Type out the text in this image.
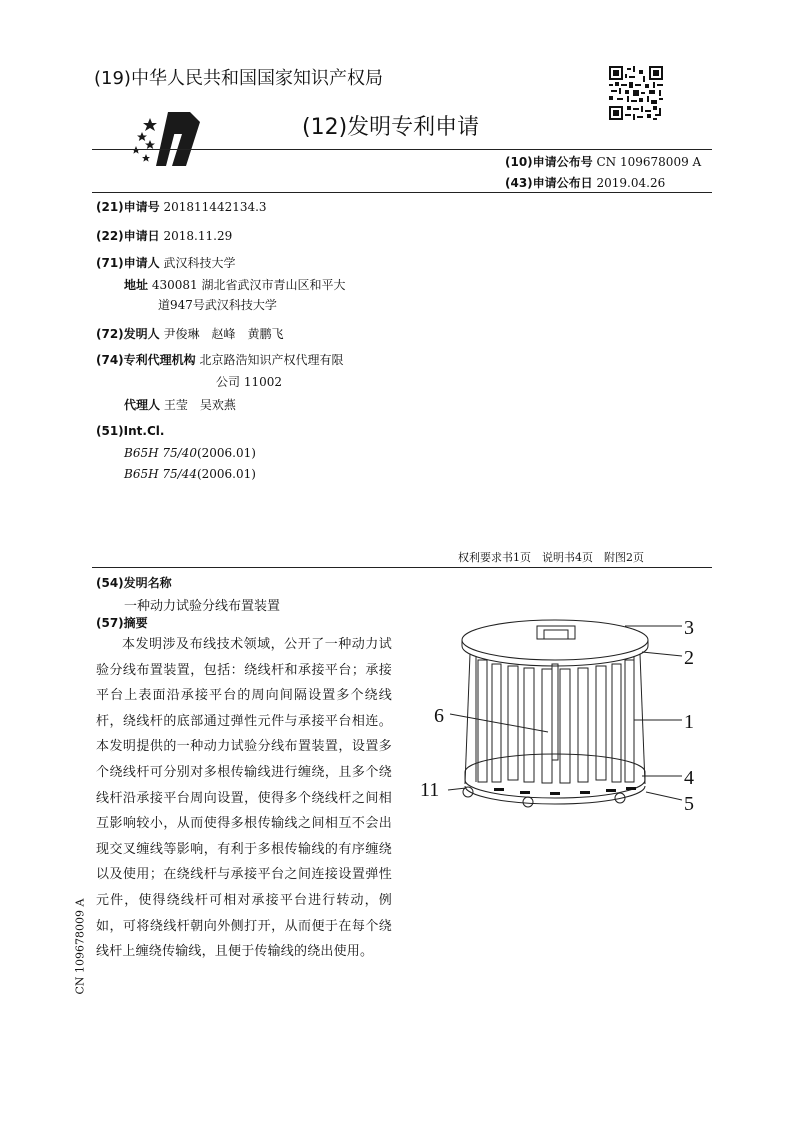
(19)中华人民共和国国家知识产权局
(12)发明专利申请
(10)申请公布号 CN 109678009 A
(43)申请公布日 2019.04.26
(21)申请号 201811442134.3
(22)申请日 2018.11.29
(71)申请人 武汉科技大学
地址 430081 湖北省武汉市青山区和平大
道947号武汉科技大学
(72)发明人 尹俊琳　赵峰　黄鹏飞
(74)专利代理机构 北京路浩知识产权代理有限
公司 11002
代理人 王莹　吴欢燕
(51)Int.Cl.
B65H 75/40(2006.01)
B65H 75/44(2006.01)
权利要求书1页　说明书4页　附图2页
(54)发明名称
一种动力试验分线布置装置
(57)摘要

本发明涉及布线技术领域，公开了一种动力试验分线布置装置，包括：绕线杆和承接平台；承接平台上表面沿承接平台的周向间隔设置多个绕线杆，绕线杆的底部通过弹性元件与承接平台相连。本发明提供的一种动力试验分线布置装置，设置多个绕线杆可分别对多根传输线进行缠绕，且多个绕线杆沿承接平台周向设置，使得多个绕线杆之间相互影响较小，从而使得多根传输线之间相互不会出现交叉缠线等影响，有利于多根传输线的有序缠绕以及使用；在绕线杆与承接平台之间连接设置弹性元件，使得绕线杆可相对承接平台进行转动，例如，可将绕线杆朝向外侧打开，从而便于在每个绕线杆上缠绕传输线，且便于传输线的绕出使用。

CN 109678009 A
3
2
6	1
11
4
5
